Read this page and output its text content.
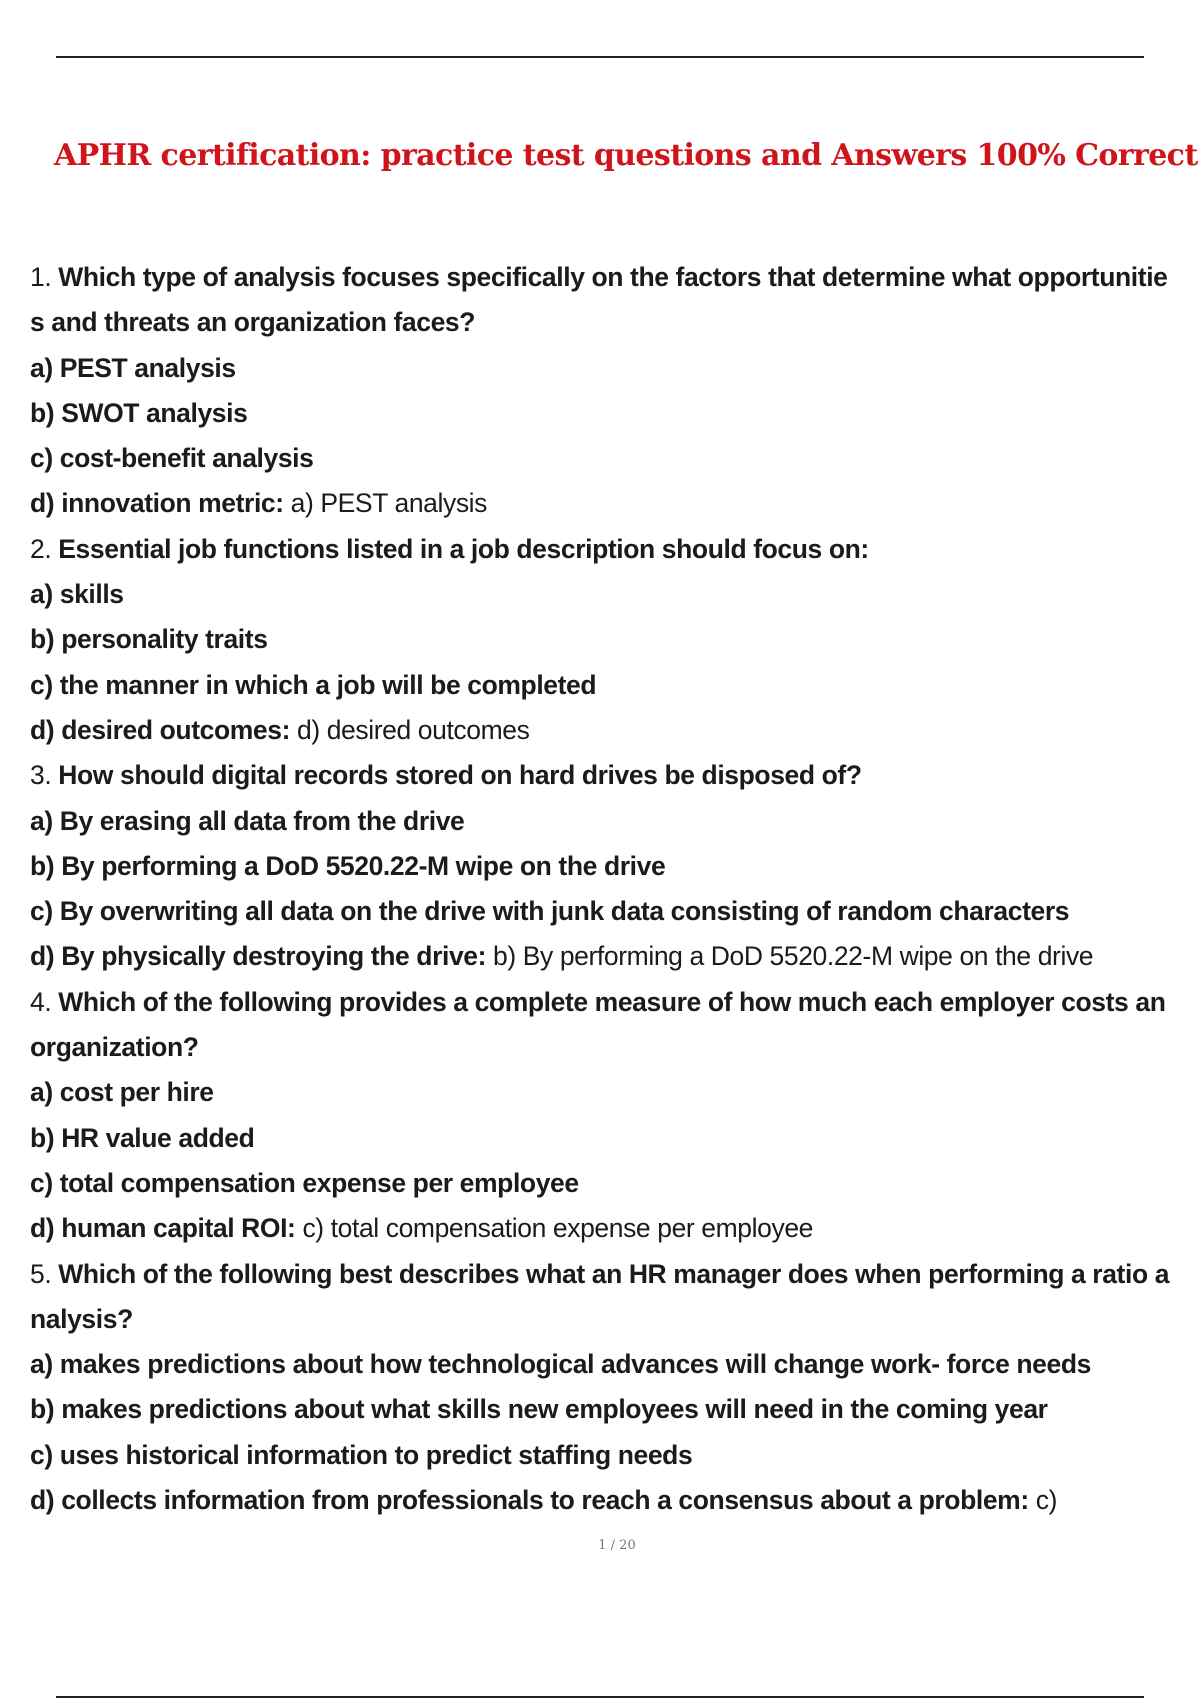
APHR certification: practice test questions and Answers 100% Correct
1. Which type of analysis focuses specifically on the factors that determine what opportunities and threats an organization faces?
a) PEST analysis
b) SWOT analysis
c) cost-benefit analysis
d) innovation metric: a) PEST analysis
2. Essential job functions listed in a job description should focus on:
a) skills
b) personality traits
c) the manner in which a job will be completed
d) desired outcomes: d) desired outcomes
3. How should digital records stored on hard drives be disposed of?
a) By erasing all data from the drive
b) By performing a DoD 5520.22-M wipe on the drive
c) By overwriting all data on the drive with junk data consisting of random characters
d) By physically destroying the drive: b) By performing a DoD 5520.22-M wipe on the drive
4. Which of the following provides a complete measure of how much each employer costs an organization?
a) cost per hire
b) HR value added
c) total compensation expense per employee
d) human capital ROI: c) total compensation expense per employee
5. Which of the following best describes what an HR manager does when performing a ratio analysis?
a) makes predictions about how technological advances will change work- force needs
b) makes predictions about what skills new employees will need in the coming year
c) uses historical information to predict staffing needs
d) collects information from professionals to reach a consensus about a problem: c)
1 / 20
